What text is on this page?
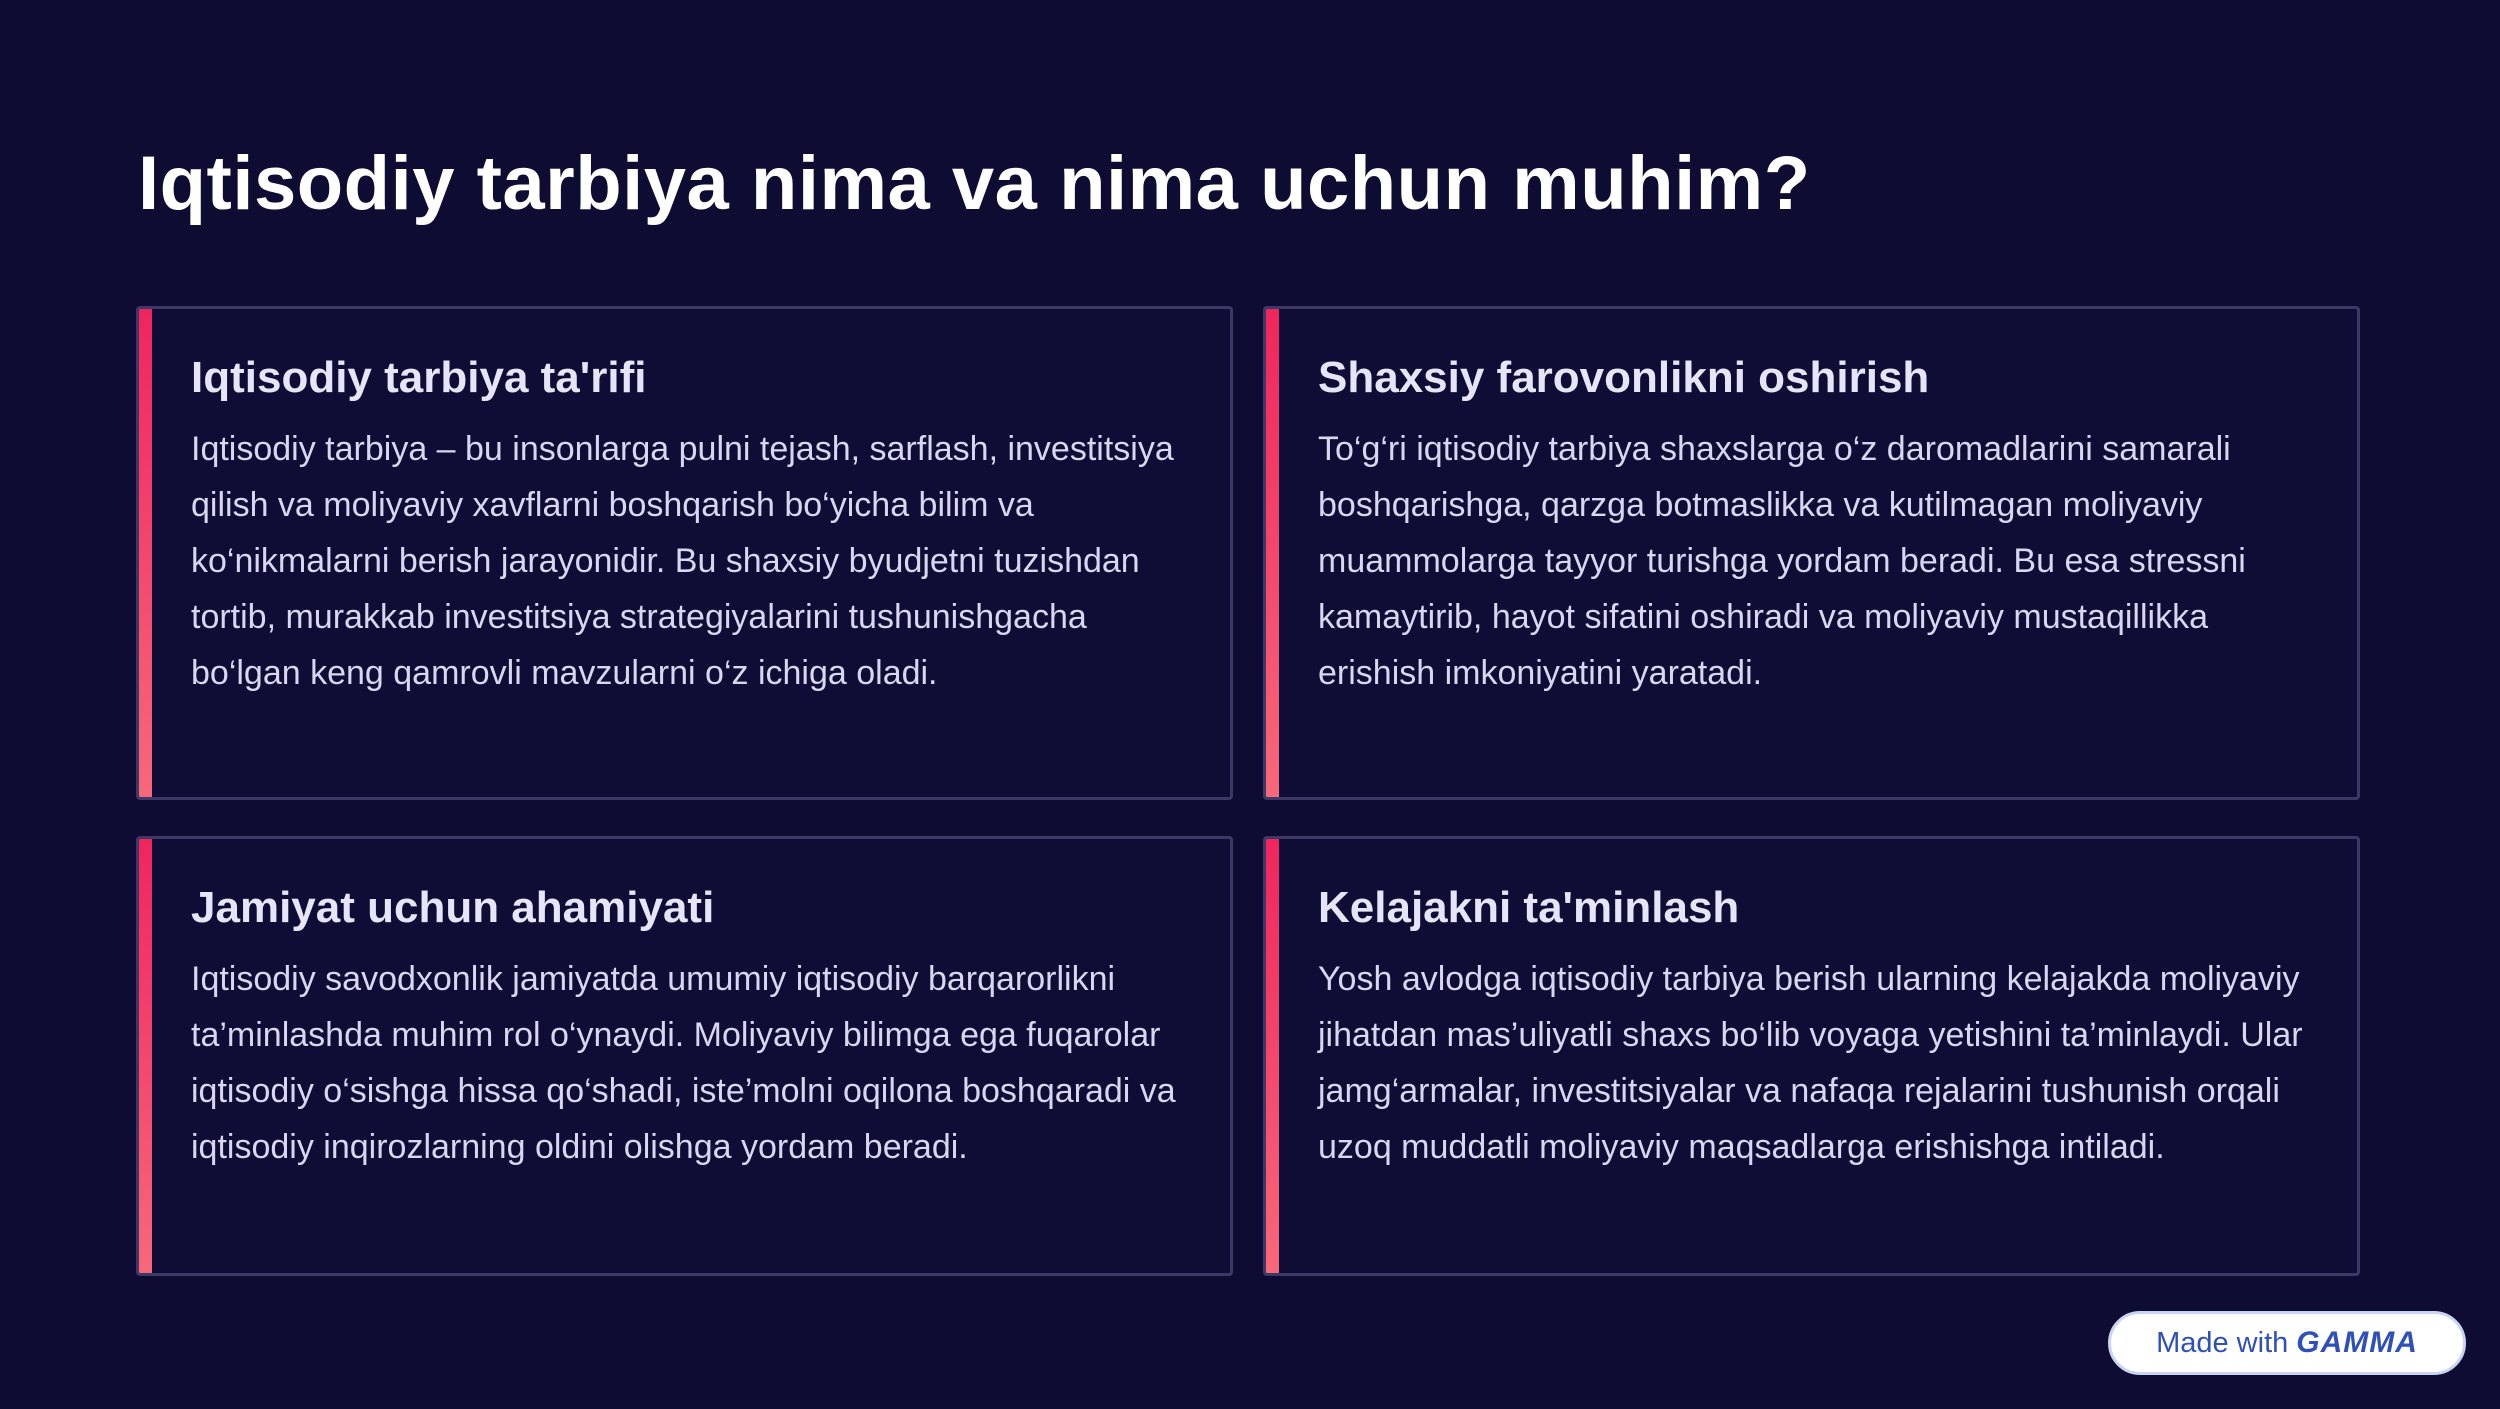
Iqtisodiy tarbiya nima va nima uchun muhim?
Iqtisodiy tarbiya ta'rifi

Iqtisodiy tarbiya – bu insonlarga pulni tejash, sarflash, investitsiya qilish va moliyaviy xavflarni boshqarish bo‘yicha bilim va ko‘nikmalarni berish jarayonidir. Bu shaxsiy byudjetni tuzishdan tortib, murakkab investitsiya strategiyalarini tushunishgacha bo‘lgan keng qamrovli mavzularni o‘z ichiga oladi.

Shaxsiy farovonlikni oshirish

To‘g‘ri iqtisodiy tarbiya shaxslarga o‘z daromadlarini samarali boshqarishga, qarzga botmaslikka va kutilmagan moliyaviy muammolarga tayyor turishga yordam beradi. Bu esa stressni kamaytirib, hayot sifatini oshiradi va moliyaviy mustaqillikka erishish imkoniyatini yaratadi.

Jamiyat uchun ahamiyati

Iqtisodiy savodxonlik jamiyatda umumiy iqtisodiy barqarorlikni ta’minlashda muhim rol o‘ynaydi. Moliyaviy bilimga ega fuqarolar iqtisodiy o‘sishga hissa qo‘shadi, iste’molni oqilona boshqaradi va iqtisodiy inqirozlarning oldini olishga yordam beradi.

Kelajakni ta'minlash

Yosh avlodga iqtisodiy tarbiya berish ularning kelajakda moliyaviy jihatdan mas’uliyatli shaxs bo‘lib voyaga yetishini ta’minlaydi. Ular jamg‘armalar, investitsiyalar va nafaqa rejalarini tushunish orqali uzoq muddatli moliyaviy maqsadlarga erishishga intiladi.

Made with GAMMA
